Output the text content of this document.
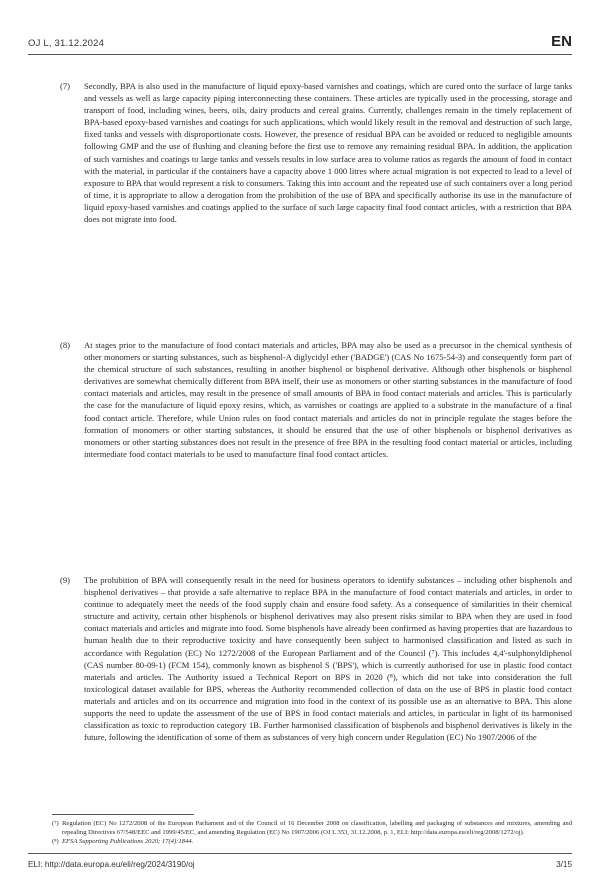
OJ L, 31.12.2024	EN
(7) Secondly, BPA is also used in the manufacture of liquid epoxy-based varnishes and coatings, which are cured onto the surface of large tanks and vessels as well as large capacity piping interconnecting these containers. These articles are typically used in the processing, storage and transport of food, including wines, beers, oils, dairy products and cereal grains. Currently, challenges remain in the timely replacement of BPA-based epoxy-based varnishes and coatings for such applications, which would likely result in the removal and destruction of such large, fixed tanks and vessels with disproportionate costs. However, the presence of residual BPA can be avoided or reduced to negligible amounts following GMP and the use of flushing and cleaning before the first use to remove any remaining residual BPA. In addition, the application of such varnishes and coatings to large tanks and vessels results in low surface area to volume ratios as regards the amount of food in contact with the material, in particular if the containers have a capacity above 1 000 litres where actual migration is not expected to lead to a level of exposure to BPA that would represent a risk to consumers. Taking this into account and the repeated use of such containers over a long period of time, it is appropriate to allow a derogation from the prohibition of the use of BPA and specifically authorise its use in the manufacture of liquid epoxy-based varnishes and coatings applied to the surface of such large capacity final food contact articles, with a restriction that BPA does not migrate into food.

(8) At stages prior to the manufacture of food contact materials and articles, BPA may also be used as a precursor in the chemical synthesis of other monomers or starting substances, such as bisphenol-A diglycidyl ether ('BADGE') (CAS No 1675-54-3) and consequently form part of the chemical structure of such substances, resulting in another bisphenol or bisphenol derivative. Although other bisphenols or bisphenol derivatives are somewhat chemically different from BPA itself, their use as monomers or other starting substances in the manufacture of food contact materials and articles, may result in the presence of small amounts of BPA in food contact materials and articles. This is particularly the case for the manufacture of liquid epoxy resins, which, as varnishes or coatings are applied to a substrate in the manufacture of a final food contact article. Therefore, while Union rules on food contact materials and articles do not in principle regulate the stages before the formation of monomers or other starting substances, it should be ensured that the use of other bisphenols or bisphenol derivatives as monomers or other starting substances does not result in the presence of free BPA in the resulting food contact material or articles, including intermediate food contact materials to be used to manufacture final food contact articles.

(9) The prohibition of BPA will consequently result in the need for business operators to identify substances – including other bisphenols and bisphenol derivatives – that provide a safe alternative to replace BPA in the manufacture of food contact materials and articles, in order to continue to adequately meet the needs of the food supply chain and ensure food safety. As a consequence of similarities in their chemical structure and activity, certain other bisphenols or bisphenol derivatives may also present risks similar to BPA when they are used in food contact materials and articles and migrate into food. Some bisphenols have already been confirmed as having properties that are hazardous to human health due to their reproductive toxicity and have consequently been subject to harmonised classification and listed as such in accordance with Regulation (EC) No 1272/2008 of the European Parliament and of the Council (⁷). This includes 4,4'-sulphonyldiphenol (CAS number 80-09-1) (FCM 154), commonly known as bisphenol S ('BPS'), which is currently authorised for use in plastic food contact materials and articles. The Authority issued a Technical Report on BPS in 2020 (⁸), which did not take into consideration the full toxicological dataset available for BPS, whereas the Authority recommended collection of data on the use of BPS in plastic food contact materials and articles and on its occurrence and migration into food in the context of its possible use as an alternative to BPA. This alone supports the need to update the assessment of the use of BPS in food contact materials and articles, in particular in light of its harmonised classification as toxic to reproduction category 1B. Further harmonised classification of bisphenols and bisphenol derivatives is likely in the future, following the identification of some of them as substances of very high concern under Regulation (EC) No 1907/2006 of the

(⁷) Regulation (EC) No 1272/2008 of the European Parliament and of the Council of 16 December 2008 on classification, labelling and packaging of substances and mixtures, amending and repealing Directives 67/548/EEC and 1999/45/EC, and amending Regulation (EC) No 1907/2006 (OJ L 353, 31.12.2008, p. 1, ELI: http://data.europa.eu/eli/reg/2008/1272/oj).

(⁸) EFSA Supporting Publications 2020; 17(4):1844.

ELI: http://data.europa.eu/eli/reg/2024/3190/oj	3/15
